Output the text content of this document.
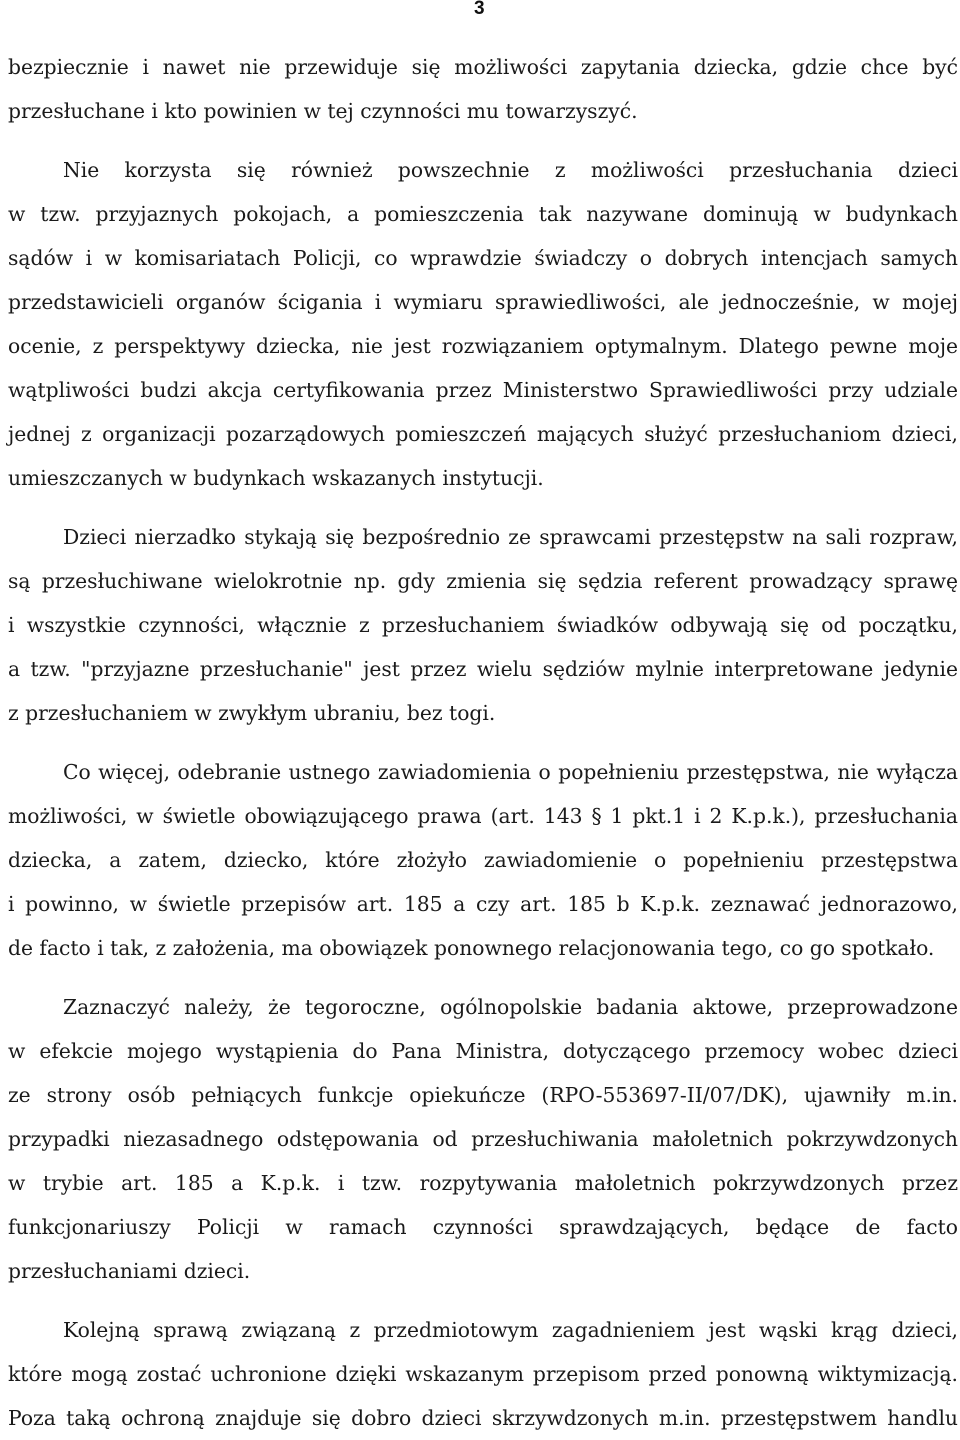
3
bezpiecznie i nawet nie przewiduje się możliwości zapytania dziecka, gdzie chce być
przesłuchane i kto powinien w tej czynności mu towarzyszyć.
Nie korzysta się również powszechnie z możliwości przesłuchania dzieci
w tzw. przyjaznych pokojach, a pomieszczenia tak nazywane dominują w budynkach
sądów i w komisariatach Policji, co wprawdzie świadczy o dobrych intencjach samych
przedstawicieli organów ścigania i wymiaru sprawiedliwości, ale jednocześnie, w mojej
ocenie, z perspektywy dziecka, nie jest rozwiązaniem optymalnym. Dlatego pewne moje
wątpliwości budzi akcja certyfikowania przez Ministerstwo Sprawiedliwości przy udziale
jednej z organizacji pozarządowych pomieszczeń mających służyć przesłuchaniom dzieci,
umieszczanych w budynkach wskazanych instytucji.
Dzieci nierzadko stykają się bezpośrednio ze sprawcami przestępstw na sali rozpraw,
są przesłuchiwane wielokrotnie np. gdy zmienia się sędzia referent prowadzący sprawę
i wszystkie czynności, włącznie z przesłuchaniem świadków odbywają się od początku,
a tzw. "przyjazne przesłuchanie" jest przez wielu sędziów mylnie interpretowane jedynie
z przesłuchaniem w zwykłym ubraniu, bez togi.
Co więcej, odebranie ustnego zawiadomienia o popełnieniu przestępstwa, nie wyłącza
możliwości, w świetle obowiązującego prawa (art. 143 § 1 pkt.1 i 2 K.p.k.), przesłuchania
dziecka, a zatem, dziecko, które złożyło zawiadomienie o popełnieniu przestępstwa
i powinno, w świetle przepisów art. 185 a czy art. 185 b K.p.k. zeznawać jednorazowo,
de facto i tak, z założenia, ma obowiązek ponownego relacjonowania tego, co go spotkało.
Zaznaczyć należy, że tegoroczne, ogólnopolskie badania aktowe, przeprowadzone
w efekcie mojego wystąpienia do Pana Ministra, dotyczącego przemocy wobec dzieci
ze strony osób pełniących funkcje opiekuńcze (RPO-553697-II/07/DK), ujawniły m.in.
przypadki niezasadnego odstępowania od przesłuchiwania małoletnich pokrzywdzonych
w trybie art. 185 a K.p.k. i tzw. rozpytywania małoletnich pokrzywdzonych przez
funkcjonariuszy Policji w ramach czynności sprawdzających, będące de facto
przesłuchaniami dzieci.
Kolejną sprawą związaną z przedmiotowym zagadnieniem jest wąski krąg dzieci,
które mogą zostać uchronione dzięki wskazanym przepisom przed ponowną wiktymizacją.
Poza taką ochroną znajduje się dobro dzieci skrzywdzonych m.in. przestępstwem handlu
